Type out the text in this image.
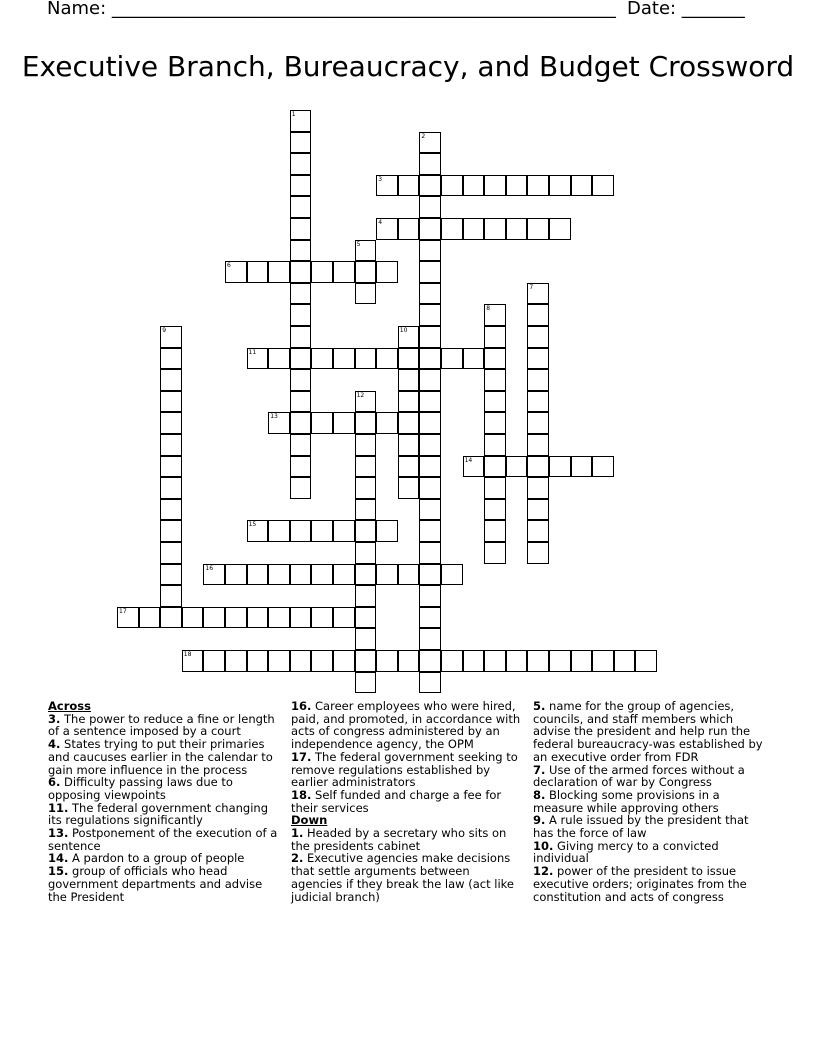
Name: ________________________________________________________ Date: _______
Executive Branch, Bureaucracy, and Budget Crossword
1
2
3
4
5
6
7
8
9	10
11
12
13
14
15
16
17
18

Across

3. The power to reduce a fine or length of a sentence imposed by a court

4. States trying to put their primaries and caucuses earlier in the calendar to gain more influence in the process

6. Difficulty passing laws due to opposing viewpoints

11. The federal government changing its regulations significantly

13. Postponement of the execution of a sentence

14. A pardon to a group of people

15. group of officials who head government departments and advise the President

16. Career employees who were hired, paid, and promoted, in accordance with acts of congress administered by an independence agency, the OPM

17. The federal government seeking to remove regulations established by earlier administrators

18. Self funded and charge a fee for their services

Down

1. Headed by a secretary who sits on the presidents cabinet

2. Executive agencies make decisions that settle arguments between agencies if they break the law (act like judicial branch)

5. name for the group of agencies, councils, and staff members which advise the president and help run the federal bureaucracy-was established by an executive order from FDR

7. Use of the armed forces without a declaration of war by Congress

8. Blocking some provisions in a measure while approving others

9. A rule issued by the president that has the force of law

10. Giving mercy to a convicted individual

12. power of the president to issue executive orders; originates from the constitution and acts of congress
